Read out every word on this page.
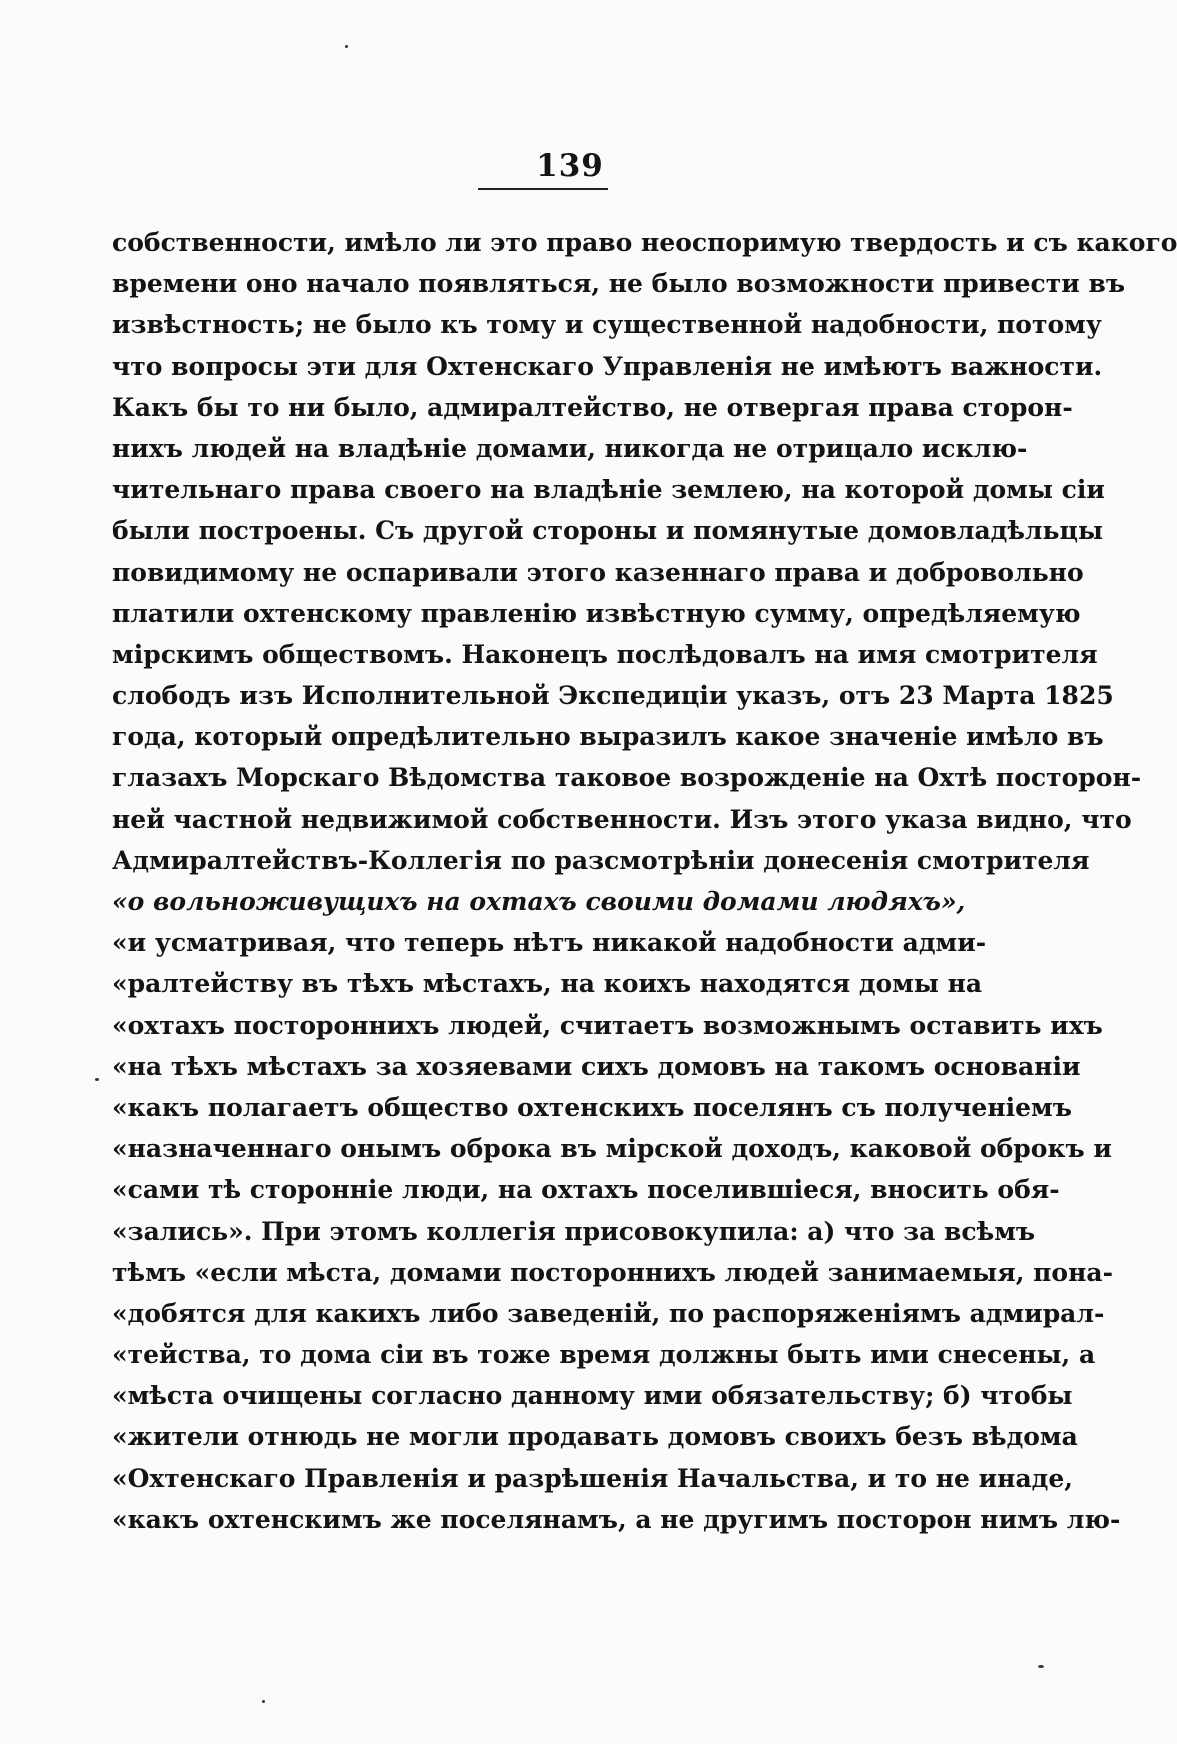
139
собственности, имѣло ли это право неоспоримую твердость и съ какого
времени оно начало появляться, не было возможности привести въ
извѣстность; не было къ тому и существенной надобности, потому
что вопросы эти для Охтенскаго Управленія не имѣютъ важности.
Какъ бы то ни было, адмиралтейство, не отвергая права сторон-
нихъ людей на владѣніе домами, никогда не отрицало исклю-
чительнаго права своего на владѣніе землею, на которой домы сіи
были построены. Съ другой стороны и помянутые домовладѣльцы
повидимому не оспаривали этого казеннаго права и добровольно
платили охтенскому правленію извѣстную сумму, опредѣляемую
мірскимъ обществомъ. Наконецъ послѣдовалъ на имя смотрителя
слободъ изъ Исполнительной Экспедиціи указъ, отъ 23 Марта 1825
года, который опредѣлительно выразилъ какое значеніе имѣло въ
глазахъ Морскаго Вѣдомства таковое возрожденіе на Охтѣ посторон-
ней частной недвижимой собственности. Изъ этого указа видно, что
Адмиралтействъ-Коллегія по разсмотрѣніи донесенія смотрителя
«о вольноживущихъ на охтахъ своими домами людяхъ»,
«и усматривая, что теперь нѣтъ никакой надобности адми-
«ралтейству въ тѣхъ мѣстахъ, на коихъ находятся домы на
«охтахъ постороннихъ людей, считаетъ возможнымъ оставить ихъ
«на тѣхъ мѣстахъ за хозяевами сихъ домовъ на такомъ основаніи
«какъ полагаетъ общество охтенскихъ поселянъ съ полученіемъ
«назначеннаго онымъ оброка въ мірской доходъ, каковой оброкъ и
«сами тѣ сторонніе люди, на охтахъ поселившіеся, вносить обя-
«зались». При этомъ коллегія присовокупила: а) что за всѣмъ
тѣмъ «если мѣста, домами постороннихъ людей занимаемыя, пона-
«добятся для какихъ либо заведеній, по распоряженіямъ адмирал-
«тейства, то дома сіи въ тоже время должны быть ими снесены, а
«мѣста очищены согласно данному ими обязательству; б) чтобы
«жители отнюдь не могли продавать домовъ своихъ безъ вѣдома
«Охтенскаго Правленія и разрѣшенія Начальства, и то не инаде,
«какъ охтенскимъ же поселянамъ, а не другимъ посторон нимъ лю-
